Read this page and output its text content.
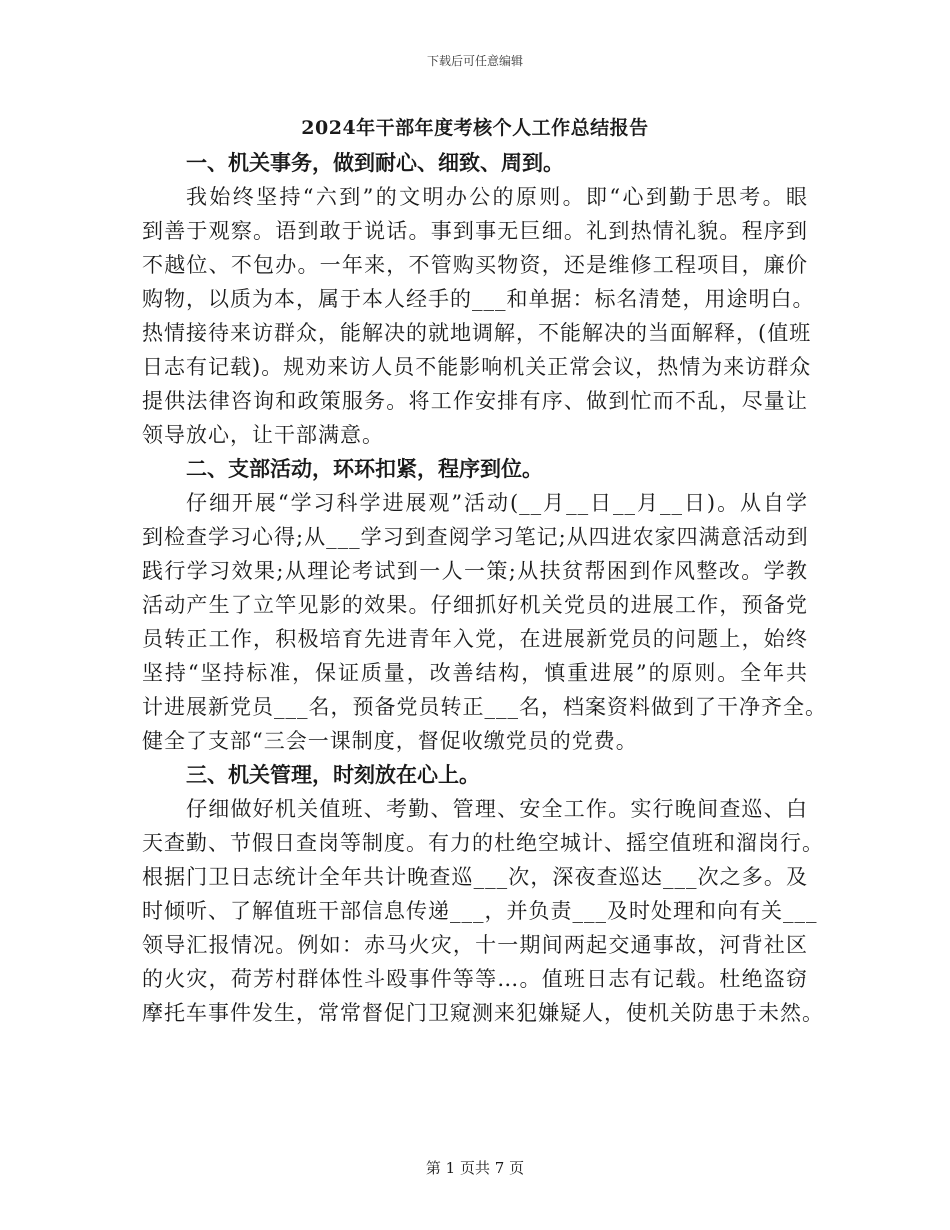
下载后可任意编辑
2024年干部年度考核个人工作总结报告
一、机关事务，做到耐心、细致、周到。
我始终坚持“六到”的文明办公的原则。即“心到勤于思考。眼
到善于观察。语到敢于说话。事到事无巨细。礼到热情礼貌。程序到
不越位、不包办。一年来，不管购买物资，还是维修工程项目，廉价
购物，以质为本，属于本人经手的___和单据：标名清楚，用途明白。
热情接待来访群众，能解决的就地调解，不能解决的当面解释，(值班
日志有记载)。规劝来访人员不能影响机关正常会议，热情为来访群众
提供法律咨询和政策服务。将工作安排有序、做到忙而不乱，尽量让
领导放心，让干部满意。
二、支部活动，环环扣紧，程序到位。
仔细开展“学习科学进展观”活动(__月__日__月__日)。从自学
到检查学习心得;从___学习到查阅学习笔记;从四进农家四满意活动到
践行学习效果;从理论考试到一人一策;从扶贫帮困到作风整改。学教
活动产生了立竿见影的效果。仔细抓好机关党员的进展工作，预备党
员转正工作，积极培育先进青年入党，在进展新党员的问题上，始终
坚持“坚持标准，保证质量，改善结构，慎重进展”的原则。全年共
计进展新党员___名，预备党员转正___名，档案资料做到了干净齐全。
健全了支部“三会一课制度，督促收缴党员的党费。
三、机关管理，时刻放在心上。
仔细做好机关值班、考勤、管理、安全工作。实行晚间查巡、白
天查勤、节假日查岗等制度。有力的杜绝空城计、摇空值班和溜岗行。
根据门卫日志统计全年共计晚查巡___次，深夜查巡达___次之多。及
时倾听、了解值班干部信息传递___，并负责___及时处理和向有关___
领导汇报情况。例如：赤马火灾，十一期间两起交通事故，河背社区
的火灾，荷芳村群体性斗殴事件等等…。值班日志有记载。杜绝盗窃
摩托车事件发生，常常督促门卫窥测来犯嫌疑人，使机关防患于未然。
第 1 页共 7 页
